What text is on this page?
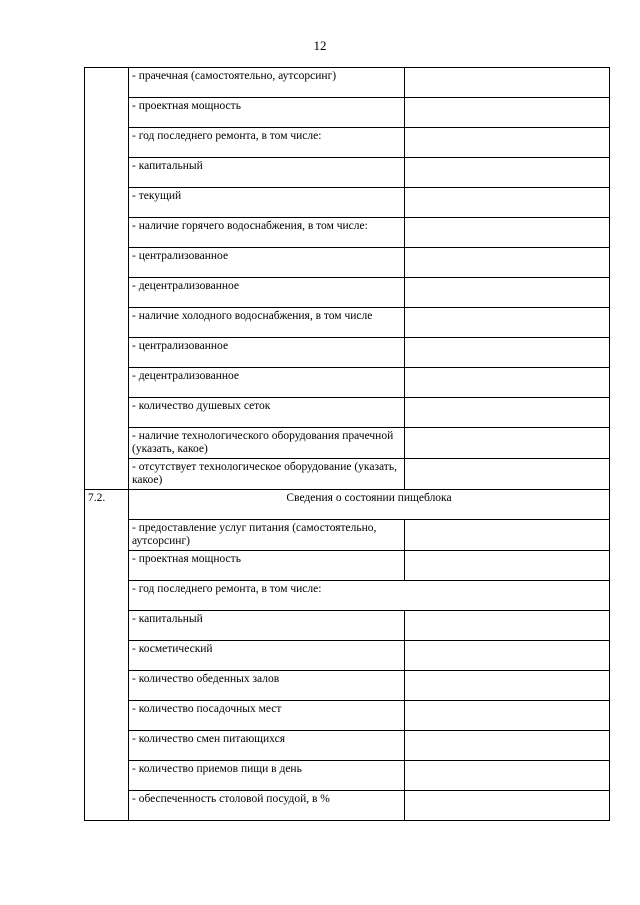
12
	- прачечная (самостоятельно, аутсорсинг)	
	- проектная мощность	
	- год последнего ремонта, в том числе:	
	- капитальный	
	- текущий	
	- наличие горячего водоснабжения, в том числе:	
	- централизованное	
	- децентрализованное	
	- наличие холодного водоснабжения, в том числе	
	- централизованное	
	- децентрализованное	
	- количество душевых сеток	
	- наличие технологического оборудования прачечной (указать, какое)	
	- отсутствует технологическое оборудование (указать, какое)	
7.2.	Сведения о состоянии пищеблока	
	- предоставление услуг питания (самостоятельно, аутсорсинг)	
	- проектная мощность	
	- год последнего ремонта, в том числе:	
	- капитальный	
	- косметический	
	- количество обеденных залов	
	- количество посадочных мест	
	- количество смен питающихся	
	- количество приемов пищи в день	
	- обеспеченность столовой посудой, в %	
